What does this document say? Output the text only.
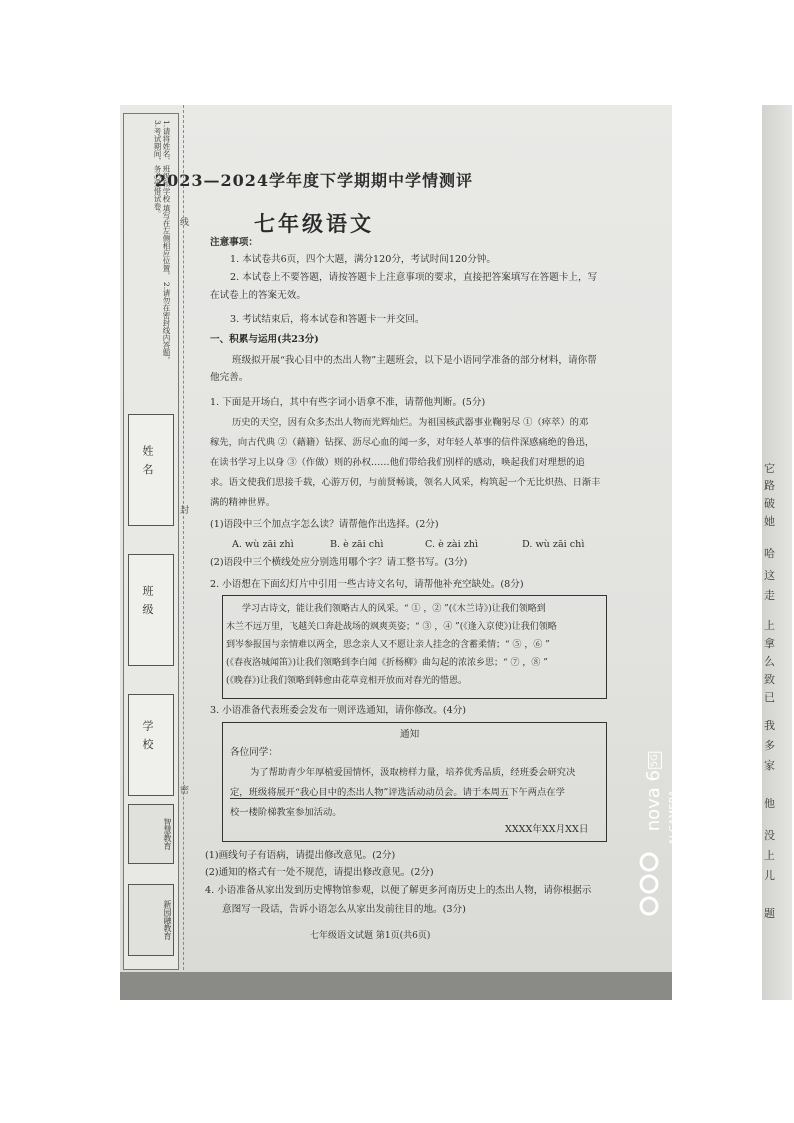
1.请将姓名、班级和学校 填写在左侧相应位置， 2.请勿在密封线内答题， 3.考试期间，务必爱惜试卷。
姓 名
班 级
学 校
智慧教育
新园融教育
线
封
密
它
路
破
她
哈
这
走
上
拿
么
致
已
我
多
家
他
没
上
儿
题
2023—2024学年度下学期期中学情测评
七年级语文
注意事项：
1. 本试卷共6页，四个大题，满分120分，考试时间120分钟。
2. 本试卷上不要答题，请按答题卡上注意事项的要求，直接把答案填写在答题卡上，写
在试卷上的答案无效。
3. 考试结束后，将本试卷和答题卡一并交回。
一、积累与运用(共23分)
班级拟开展“我心目中的杰出人物”主题班会，以下是小语同学准备的部分材料，请你帮
他完善。
1. 下面是开场白，其中有些字词小语拿不准，请帮他判断。(5分)
历史的天空，因有众多杰出人物而光辉灿烂。为祖国核武器事业鞠躬尽 ①（瘁萃）的邓
稼先，向古代典 ②（藉籍）钻探、沥尽心血的闻一多，对年轻人革事的信件深感痛绝的鲁迅，
在读书学习上以身 ③（作做）则的孙权……他们带给我们别样的感动，唤起我们对理想的追
求。语文使我们思接千载，心游万仞，与前贤畅谈，领名人风采，构筑起一个无比炽热、日渐丰
满的精神世界。
(1)语段中三个加点字怎么读？请帮他作出选择。(2分)
A. wù zāi zhì	B. è zāi chì	C. è zài zhì	D. wù zāi chì
(2)语段中三个横线处应分别选用哪个字？请工整书写。(3分)
2. 小语想在下面幻灯片中引用一些古诗文名句，请帮他补充空缺处。(8分)
学习古诗文，能让我们领略古人的风采。“ ① ，② ”(《木兰诗》)让我们领略到
木兰不远万里，飞越关口奔赴战场的飒爽英姿；“ ③ ，④ ”(《逢入京使》)让我们领略
到岑参报国与亲情难以两全，思念亲人又不愿让亲人挂念的含蓄柔情；“ ⑤ ，⑥ ”
(《春夜洛城闻笛》)让我们领略到李白闻《折杨柳》曲勾起的浓浓乡思；“ ⑦ ，⑧ ”
(《晚春》)让我们领略到韩愈由花草竞相开放而对春光的惜恩。
3. 小语准备代表班委会发布一则评选通知，请你修改。(4分)
通知
各位同学：
为了帮助青少年厚植爱国情怀，汲取榜样力量，培养优秀品质，经班委会研究决
定，班级将展开“我心目中的杰出人物”评选活动动员会。请于本周五下午两点在学
校一楼阶梯教室参加活动。
XXXX年XX月XX日
(1)画线句子有语病，请提出修改意见。(2分)
(2)通知的格式有一处不规范，请提出修改意见。(2分)
4. 小语准备从家出发到历史博物馆参观，以便了解更多河南历史上的杰出人物，请你根据示
意图写一段话，告诉小语怎么从家出发前往目的地。(3分)
七年级语文试题 第1页(共6页)
nova 6
5G
AI CAMERA
